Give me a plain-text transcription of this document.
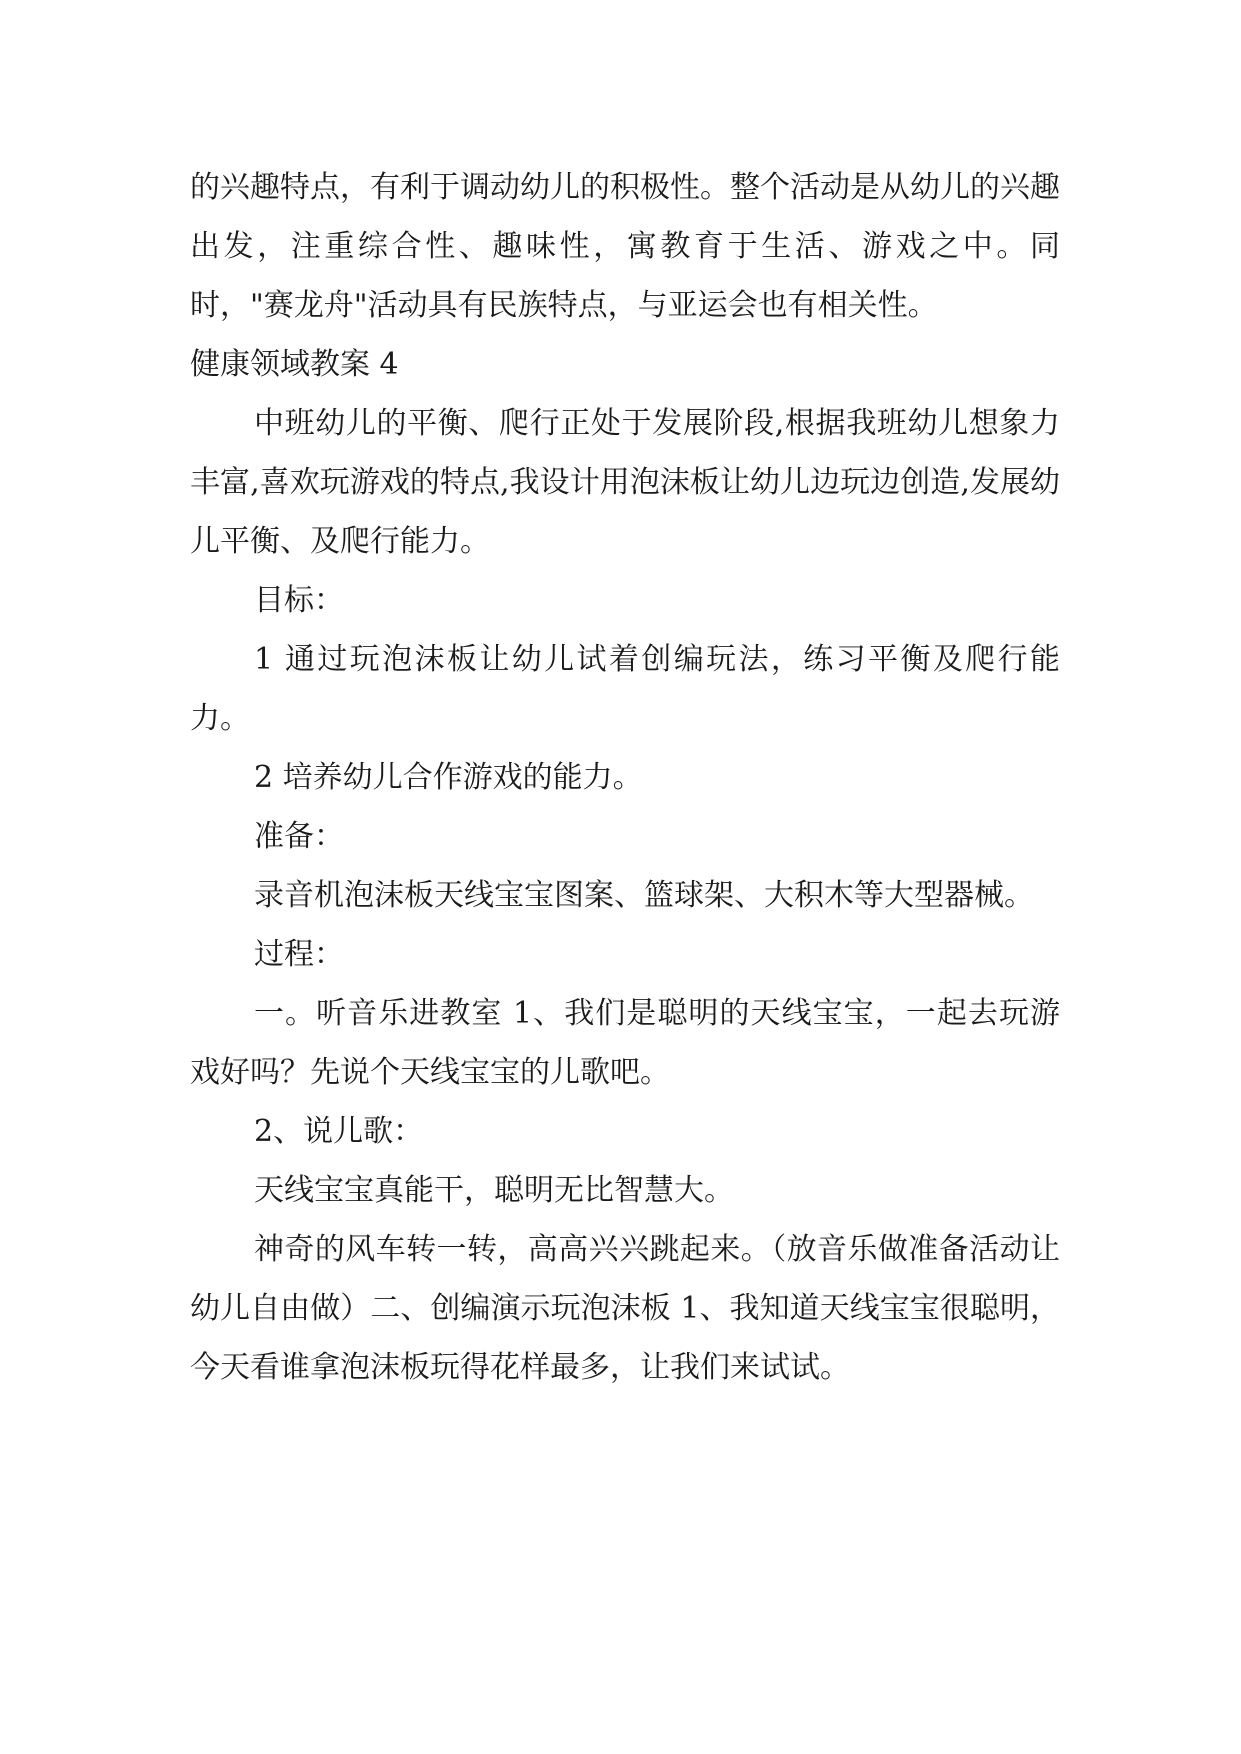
的兴趣特点，有利于调动幼儿的积极性。整个活动是从幼儿的兴趣出发，注重综合性、趣味性，寓教育于生活、游戏之中。同时，"赛龙舟"活动具有民族特点，与亚运会也有相关性。

健康领域教案 4

中班幼儿的平衡、爬行正处于发展阶段,根据我班幼儿想象力丰富,喜欢玩游戏的特点,我设计用泡沫板让幼儿边玩边创造,发展幼儿平衡、及爬行能力。

目标：

1 通过玩泡沫板让幼儿试着创编玩法，练习平衡及爬行能力。

2 培养幼儿合作游戏的能力。

准备：

录音机泡沫板天线宝宝图案、篮球架、大积木等大型器械。

过程：

一。听音乐进教室 1、我们是聪明的天线宝宝，一起去玩游戏好吗？先说个天线宝宝的儿歌吧。

2、说儿歌：

天线宝宝真能干，聪明无比智慧大。

神奇的风车转一转，高高兴兴跳起来。（放音乐做准备活动让幼儿自由做）二、创编演示玩泡沫板 1、我知道天线宝宝很聪明，今天看谁拿泡沫板玩得花样最多，让我们来试试。
